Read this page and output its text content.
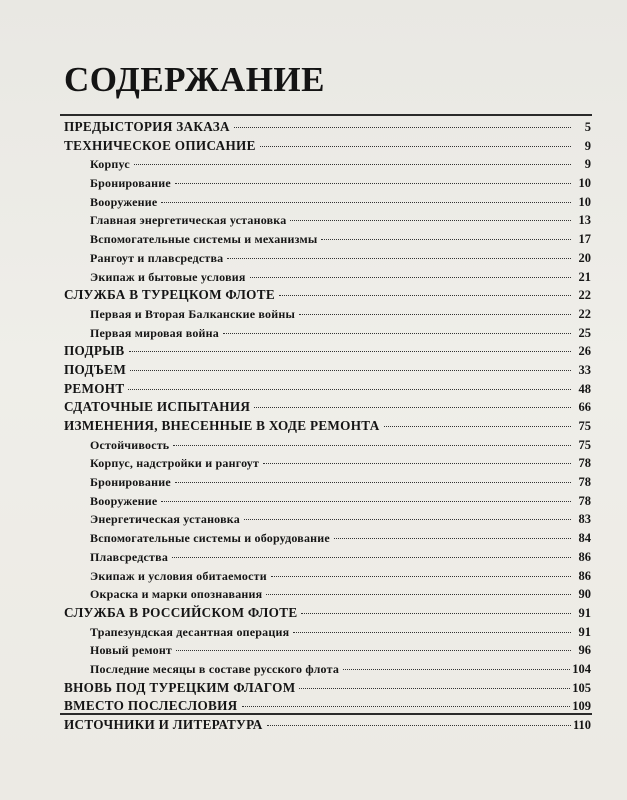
СОДЕРЖАНИЕ
ПРЕДЫСТОРИЯ ЗАКАЗА	5
ТЕХНИЧЕСКОЕ ОПИСАНИЕ	9
Корпус	9
Бронирование	10
Вооружение	10
Главная энергетическая установка	13
Вспомогательные системы и механизмы	17
Рангоут и плавсредства	20
Экипаж и бытовые условия	21
СЛУЖБА В ТУРЕЦКОМ ФЛОТЕ	22
Первая и Вторая Балканские войны	22
Первая мировая война	25
ПОДРЫВ	26
ПОДЪЕМ	33
РЕМОНТ	48
СДАТОЧНЫЕ ИСПЫТАНИЯ	66
ИЗМЕНЕНИЯ, ВНЕСЕННЫЕ В ХОДЕ РЕМОНТА	75
Остойчивость	75
Корпус, надстройки и рангоут	78
Бронирование	78
Вооружение	78
Энергетическая установка	83
Вспомогательные системы и оборудование	84
Плавсредства	86
Экипаж и условия обитаемости	86
Окраска и марки опознавания	90
СЛУЖБА В РОССИЙСКОМ ФЛОТЕ	91
Трапезундская десантная операция	91
Новый ремонт	96
Последние месяцы в составе русского флота	104
ВНОВЬ ПОД ТУРЕЦКИМ ФЛАГОМ	105
ВМЕСТО ПОСЛЕСЛОВИЯ	109
ИСТОЧНИКИ И ЛИТЕРАТУРА	110
